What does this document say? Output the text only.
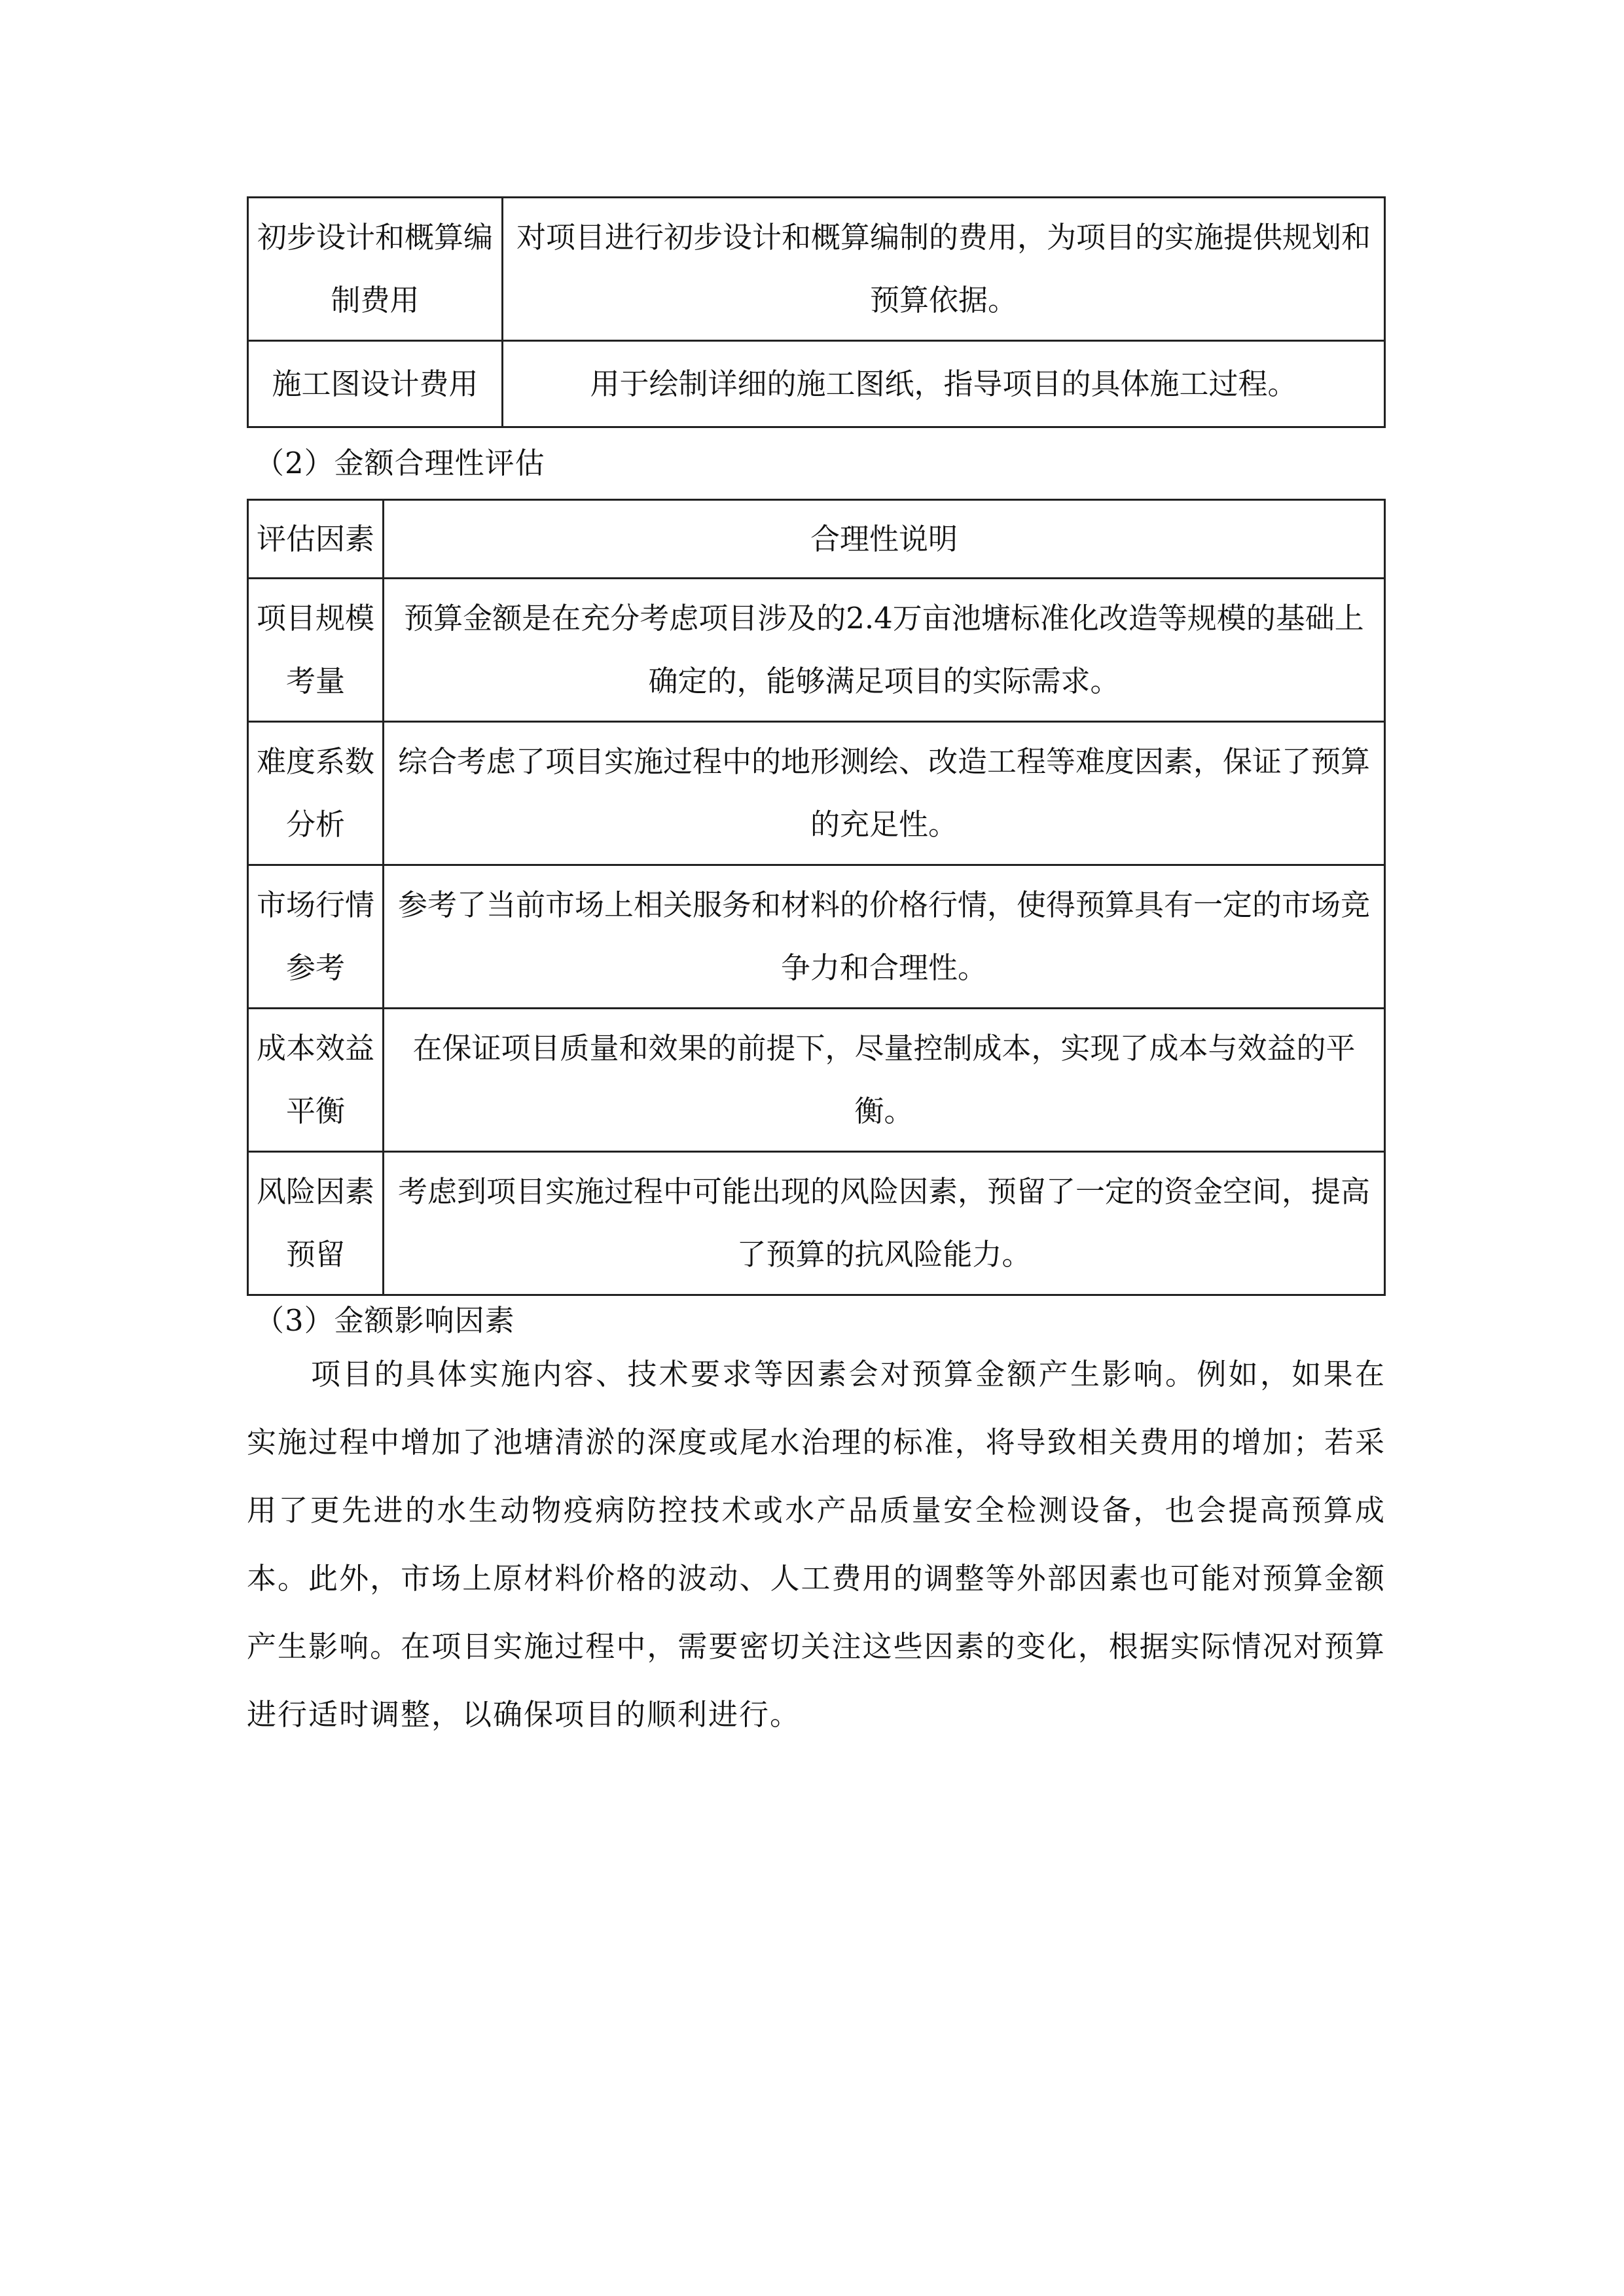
初步设计和概算编制费用	对项目进行初步设计和概算编制的费用，为项目的实施提供规划和预算依据。
施工图设计费用	用于绘制详细的施工图纸，指导项目的具体施工过程。
（2）金额合理性评估
评估因素	合理性说明
项目规模考量	预算金额是在充分考虑项目涉及的2.4万亩池塘标准化改造等规模的基础上确定的，能够满足项目的实际需求。
难度系数分析	综合考虑了项目实施过程中的地形测绘、改造工程等难度因素，保证了预算的充足性。
市场行情参考	参考了当前市场上相关服务和材料的价格行情，使得预算具有一定的市场竞争力和合理性。
成本效益平衡	在保证项目质量和效果的前提下，尽量控制成本，实现了成本与效益的平衡。
风险因素预留	考虑到项目实施过程中可能出现的风险因素，预留了一定的资金空间，提高了预算的抗风险能力。
（3）金额影响因素

项目的具体实施内容、技术要求等因素会对预算金额产生影响。例如，如果在实施过程中增加了池塘清淤的深度或尾水治理的标准，将导致相关费用的增加；若采用了更先进的水生动物疫病防控技术或水产品质量安全检测设备，也会提高预算成本。此外，市场上原材料价格的波动、人工费用的调整等外部因素也可能对预算金额产生影响。在项目实施过程中，需要密切关注这些因素的变化，根据实际情况对预算进行适时调整，以确保项目的顺利进行。
